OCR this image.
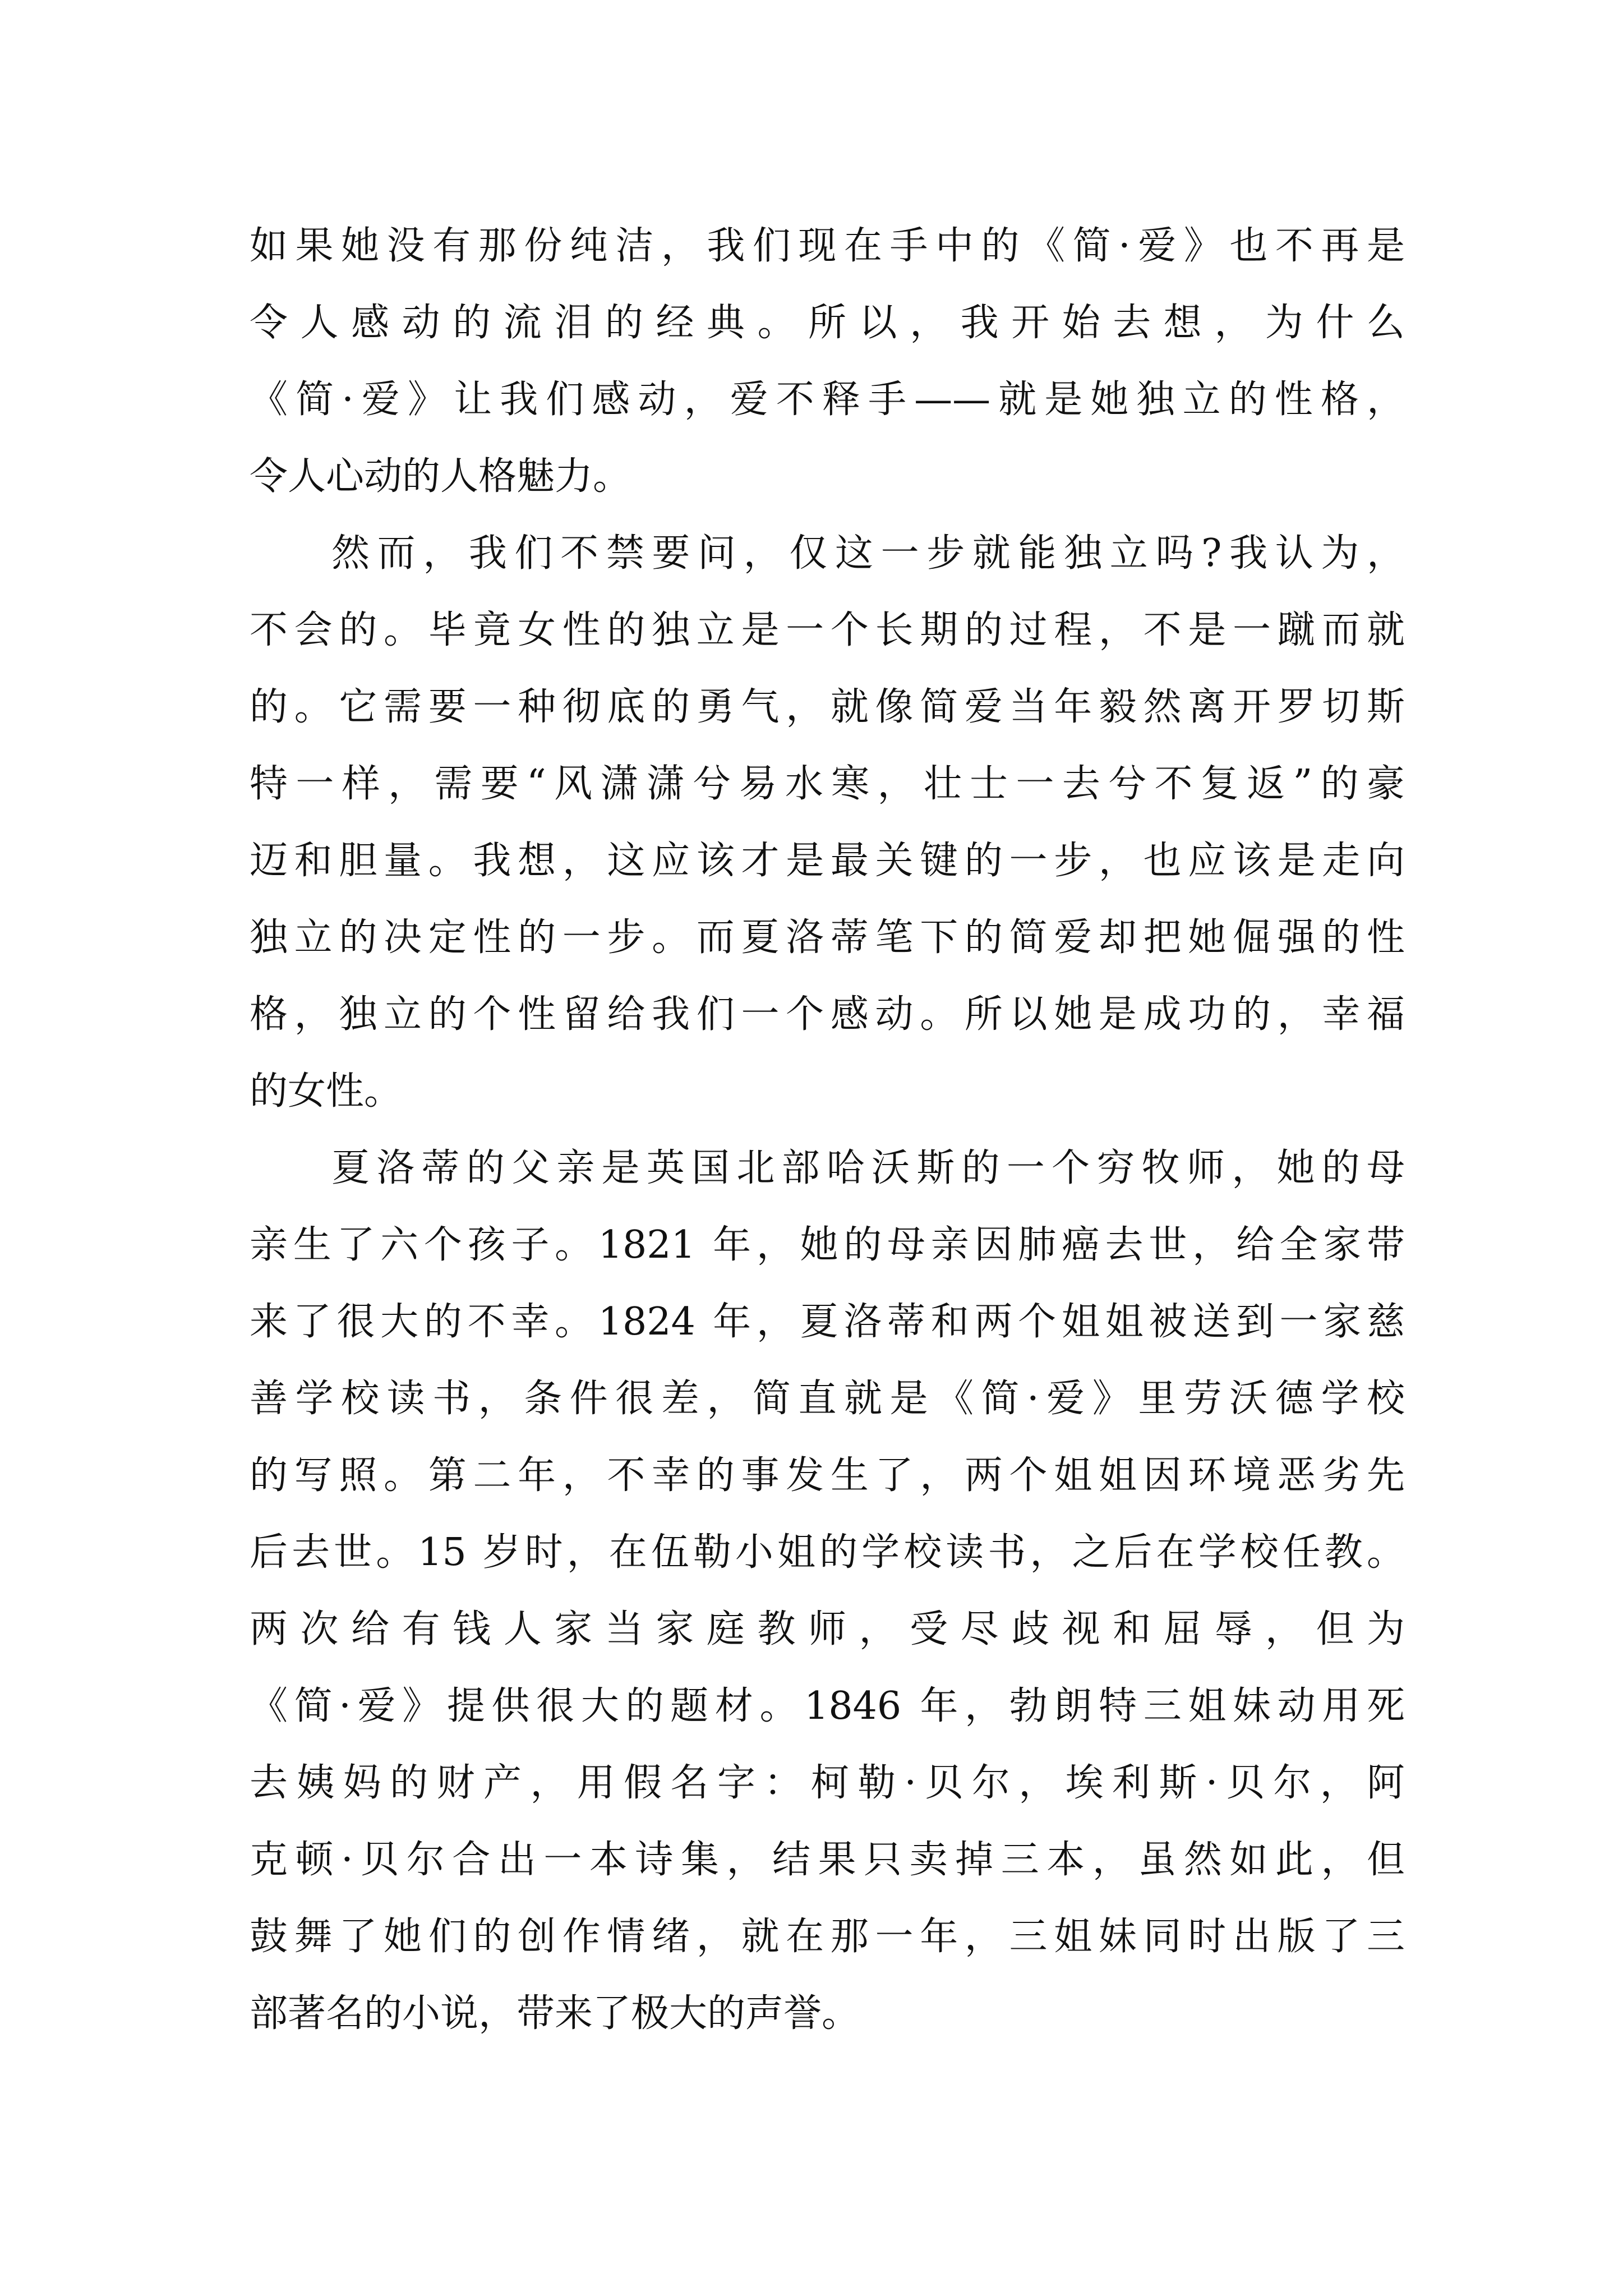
如果她没有那份纯洁，我们现在手中的《简·爱》也不再是
令人感动的流泪的经典。所以，我开始去想，为什么
《简·爱》让我们感动，爱不释手——就是她独立的性格，
令人心动的人格魅力。
然而，我们不禁要问，仅这一步就能独立吗?我认为，
不会的。毕竟女性的独立是一个长期的过程，不是一蹴而就
的。它需要一种彻底的勇气，就像简爱当年毅然离开罗切斯
特一样，需要“风潇潇兮易水寒，壮士一去兮不复返”的豪
迈和胆量。我想，这应该才是最关键的一步，也应该是走向
独立的决定性的一步。而夏洛蒂笔下的简爱却把她倔强的性
格，独立的个性留给我们一个感动。所以她是成功的，幸福
的女性。
夏洛蒂的父亲是英国北部哈沃斯的一个穷牧师，她的母
亲生了六个孩子。1821 年，她的母亲因肺癌去世，给全家带
来了很大的不幸。1824 年，夏洛蒂和两个姐姐被送到一家慈
善学校读书，条件很差，简直就是《简·爱》里劳沃德学校
的写照。第二年，不幸的事发生了，两个姐姐因环境恶劣先
后去世。15 岁时，在伍勒小姐的学校读书，之后在学校任教。
两次给有钱人家当家庭教师，受尽歧视和屈辱，但为
《简·爱》提供很大的题材。1846 年，勃朗特三姐妹动用死
去姨妈的财产，用假名字：柯勒·贝尔，埃利斯·贝尔，阿
克顿·贝尔合出一本诗集，结果只卖掉三本，虽然如此，但
鼓舞了她们的创作情绪，就在那一年，三姐妹同时出版了三
部著名的小说，带来了极大的声誉。
